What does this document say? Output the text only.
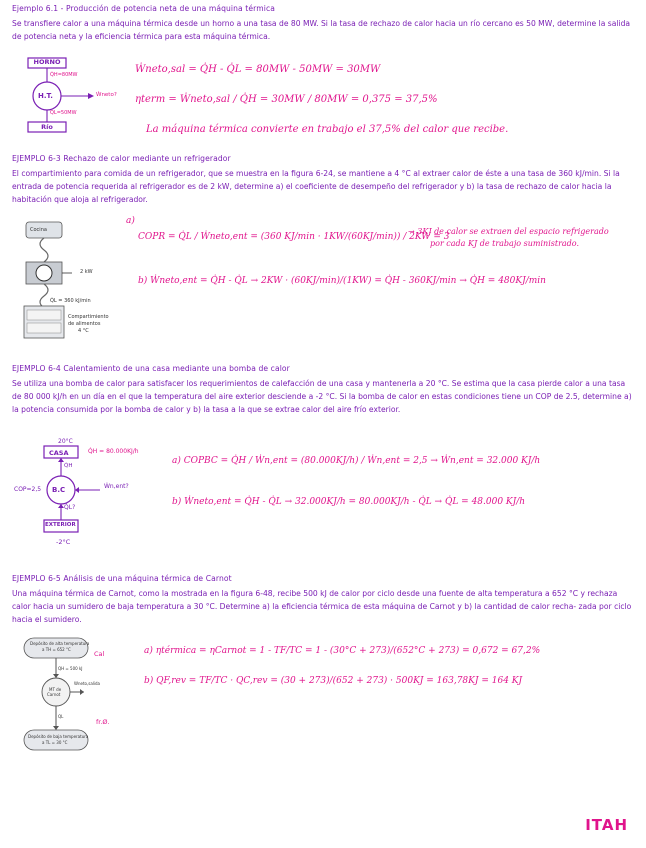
Ejemplo 6.1 - Producción de potencia neta de una máquina térmica

Se transfiere calor a una máquina térmica desde un horno a una tasa de 80 MW. Si la tasa de rechazo de calor hacia un río cercano es 50 MW, determine la salida de potencia neta y la eficiencia térmica para esta máquina térmica.

HORNO
Q̇H=80MW
H.T.	Ẇneto?
Q̇L=50MW
Río
Ẇneto,sal = Q̇H - Q̇L = 80MW - 50MW = 30MW
ηterm = Ẇneto,sal / Q̇H = 30MW / 80MW = 0,375 = 37,5%
La máquina térmica convierte en trabajo el 37,5% del calor que recibe.
EJEMPLO 6-3 Rechazo de calor mediante un refrigerador

El compartimiento para comida de un refrigerador, que se muestra en la figura 6-24, se mantiene a 4 °C al extraer calor de éste a una tasa de 360 kJ/min. Si la entrada de potencia requerida al refrigerador es de 2 kW, determine a) el coeficiente de desempeño del refrigerador y b) la tasa de rechazo de calor hacia la habitación que aloja al refrigerador.

Cocina
2 kW
Q̇L = 360 kJ/min
Compartimiento
de alimentos
4 °C
a)
COPR = Q̇L / Ẇneto,ent = (360 KJ/min · 1KW/(60KJ/min)) / 2KW = 3
→ 3KJ de calor se extraen del espacio refrigerado
por cada KJ de trabajo suministrado.
b) Ẇneto,ent = Q̇H - Q̇L → 2KW · (60KJ/min)/(1KW) = Q̇H - 360KJ/min → Q̇H = 480KJ/min
EJEMPLO 6-4 Calentamiento de una casa mediante una bomba de calor

Se utiliza una bomba de calor para satisfacer los requerimientos de calefacción de una casa y mantenerla a 20 °C. Se estima que la casa pierde calor a una tasa de 80 000 kJ/h en un día en el que la temperatura del aire exterior desciende a -2 °C. Si la bomba de calor en estas condiciones tiene un COP de 2.5, determine a) la potencia consumida por la bomba de calor y b) la tasa a la que se extrae calor del aire frío exterior.

20°C
CASA	Q̇H = 80.000KJ/h
Q̇H
B.C
COP=2,5	Ẇn,ent?
Q̇L?
EXTERIOR
-2°C
a) COPBC = Q̇H / Ẇn,ent = (80.000KJ/h) / Ẇn,ent = 2,5 → Ẇn,ent = 32.000 KJ/h
b) Ẇneto,ent = Q̇H - Q̇L → 32.000KJ/h = 80.000KJ/h - Q̇L → Q̇L = 48.000 KJ/h
EJEMPLO 6-5 Análisis de una máquina térmica de Carnot

Una máquina térmica de Carnot, como la mostrada en la figura 6-48, recibe 500 kJ de calor por ciclo desde una fuente de alta temperatura a 652 °C y rechaza calor hacia un sumidero de baja temperatura a 30 °C. Determine a) la eficiencia térmica de esta máquina de Carnot y b) la cantidad de calor recha- zada por ciclo hacia el sumidero.

Depósito de alta temperatura
a TH = 652 °C
QH = 500 kJ
Cal
MT de
Carnot
Wneto,salida
QL
fr.Ø.
Depósito de baja temperatura
a TL = 30 °C
a) ηtérmica = ηCarnot = 1 - TF/TC = 1 - (30°C + 273)/(652°C + 273) = 0,672 = 67,2%
b) QF,rev = TF/TC · QC,rev = (30 + 273)/(652 + 273) · 500KJ = 163,78KJ = 164 KJ
ITAH
